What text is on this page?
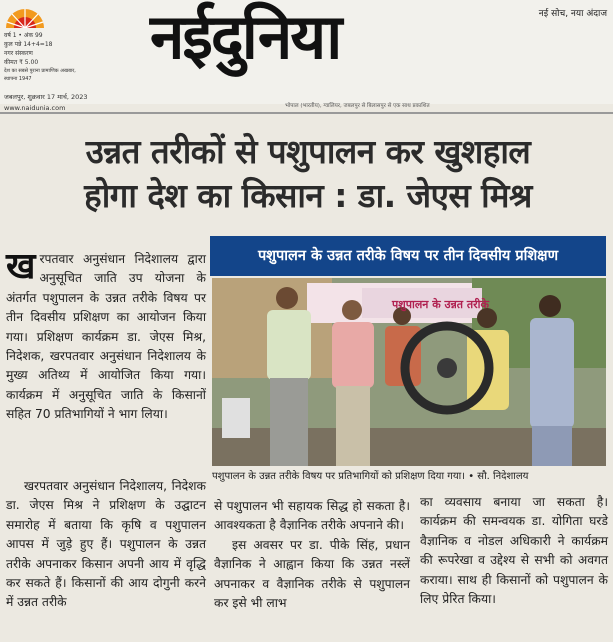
वर्ष 1 • अंक 99
कुल पन्ने 14+4=18
नगर संस्करण
कीमत ₹ 5.00
देश का सबसे पुराना प्रामाणिक अखबार, स्थापना 1947
नईदुनिया	नई सोच, नया अंदाज
जबलपुर, शुक्रवार 17 मार्च, 2023
www.naidunia.com	भोपाल (भारतीय), ग्वालियर, जबलपुर से बिलासपुर से एक साथ प्रकाशित
उन्नत तरीकों से पशुपालन कर खुशहाल
होगा देश का किसान : डा. जेएस मिश्र
खरपतवार अनुसंधान निदेशालय द्वारा अनुसूचित जाति उप योजना के अंतर्गत पशुपालन के उन्नत तरीके विषय पर तीन दिवसीय प्रशिक्षण का आयोजन किया गया। प्रशिक्षण कार्यक्रम डा. जेएस मिश्र, निदेशक, खरपतवार अनुसंधान निदेशालय के मुख्य अतिथ्य में आयोजित किया गया। कार्यक्रम में अनुसूचित जाति के किसानों सहित 70 प्रतिभागियों ने भाग लिया।
खरपतवार अनुसंधान निदेशालय, निदेशक डा. जेएस मिश्र ने प्रशिक्षण के उद्घाटन समारोह में बताया कि कृषि व पशुपालन आपस में जुड़े हुए हैं। पशुपालन के उन्नत तरीके अपनाकर किसान अपनी आय में वृद्धि कर सकते हैं। किसानों की आय दोगुनी करने में उन्नत तरीके
पशुपालन के उन्नत तरीके विषय पर तीन दिवसीय प्रशिक्षण
पशुपालन के उन्नत तरीके
पशुपालन के उन्नत तरीके विषय पर प्रतिभागियों को प्रशिक्षण दिया गया। • सौ. निदेशालय
से पशुपालन भी सहायक सिद्ध हो सकता है। आवश्यकता है वैज्ञानिक तरीके अपनाने की।
इस अवसर पर डा. पीके सिंह, प्रधान वैज्ञानिक ने आह्वान किया कि उन्नत नस्लें अपनाकर व वैज्ञानिक तरीके से पशुपालन कर इसे भी लाभ
का व्यवसाय बनाया जा सकता है। कार्यक्रम की समन्वयक डा. योगिता घरडे वैज्ञानिक व नोडल अधिकारी ने कार्यक्रम की रूपरेखा व उद्देश्य से सभी को अवगत कराया। साथ ही किसानों को पशुपालन के लिए प्रेरित किया।
